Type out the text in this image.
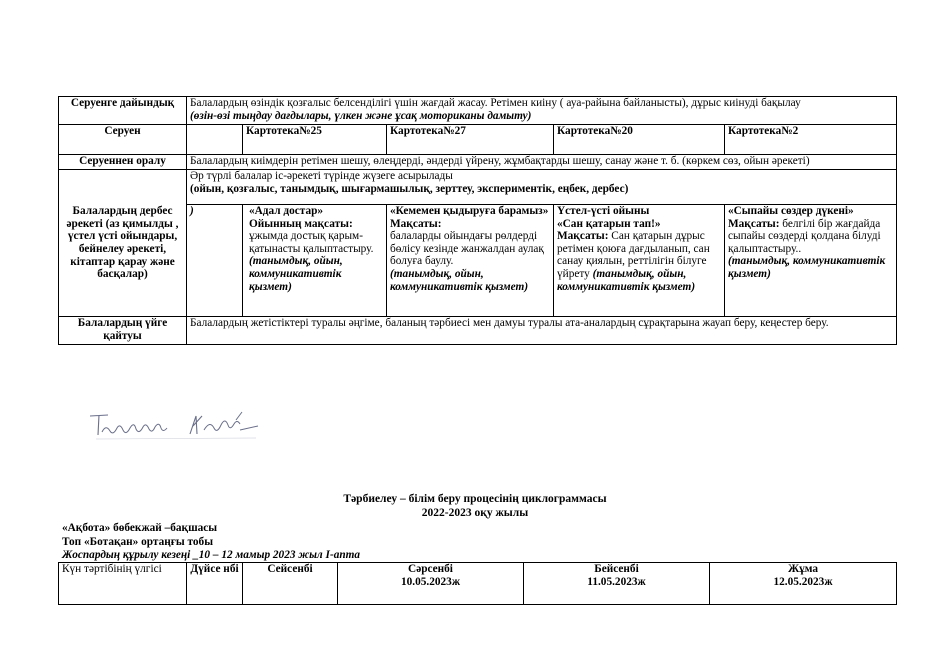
Серуенге дайындық	Балалардың өзіндік қозғалыс белсенділігі үшін жағдай жасау. Ретімен киіну ( ауа-райына байланысты), дұрыс киінуді бақылау
(өзін-өзі тыңдау дағдылары, үлкен және ұсақ моториканы дамыту)				
Серуен		Картотека№25	Картотека№27	Картотека№20	Картотека№2
Серуеннен оралу	Балалардың киімдерін ретімен шешу, өлеңдерді, әндерді үйрену, жұмбақтарды шешу, санау және т. б. (көркем сөз, ойын әрекеті)				
Балалардың дербес әрекеті (аз қимылды , үстел үсті ойындары, бейнелеу әрекеті, кітаптар қарау және басқалар)	Әр түрлі балалар іс-әрекеті түрінде жүзеге асырылады
(ойын, қозғалыс, танымдық, шығармашылық, зерттеу, экспериментік, еңбек, дербес)				
	)	«Адал достар»
Ойынның мақсаты:
ұжымда достық қарым-қатынасты қалыптастыру.
(танымдық, ойын, коммуникативтік қызмет)	«Кемемен қыдыруға барамыз» Мақсаты:
балаларды ойындағы рөлдерді бөлісу кезінде жанжалдан аулақ болуға баулу.
(танымдық, ойын, коммуникативтік қызмет)	Үстел-үсті ойыны
«Сан қатарын тап!»
Мақсаты: Сан қатарын дұрыс ретімен қоюға дағдыланып, сан санау қиялын, реттілігін білуге үйрету (танымдық, ойын, коммуникативтік қызмет)	«Сыпайы сөздер дүкені»
Мақсаты: белгілі бір жағдайда сыпайы сөздерді қолдана білуді қалыптастыру..
(танымдық, коммуникативтік қызмет)
Балалардың үйге қайтуы	Балалардың жетістіктері туралы әңгіме, баланың тәрбиесі мен дамуы туралы ата-аналардың сұрақтарына жауап беру, кеңестер беру.				
Тәрбиелеу – білім беру процесінің циклограммасы
2022-2023 оқу жылы
«Ақбота» бөбекжай –бақшасы
Топ «Ботақан» ортаңғы тобы
Жоспардың құрылу кезеңі _10 – 12 мамыр 2023 жыл І-апта
Күн тәртібінің үлгісі	Дүйсе нбі	Сейсенбі	Сәрсенбі
10.05.2023ж	Бейсенбі
11.05.2023ж	Жұма
12.05.2023ж
